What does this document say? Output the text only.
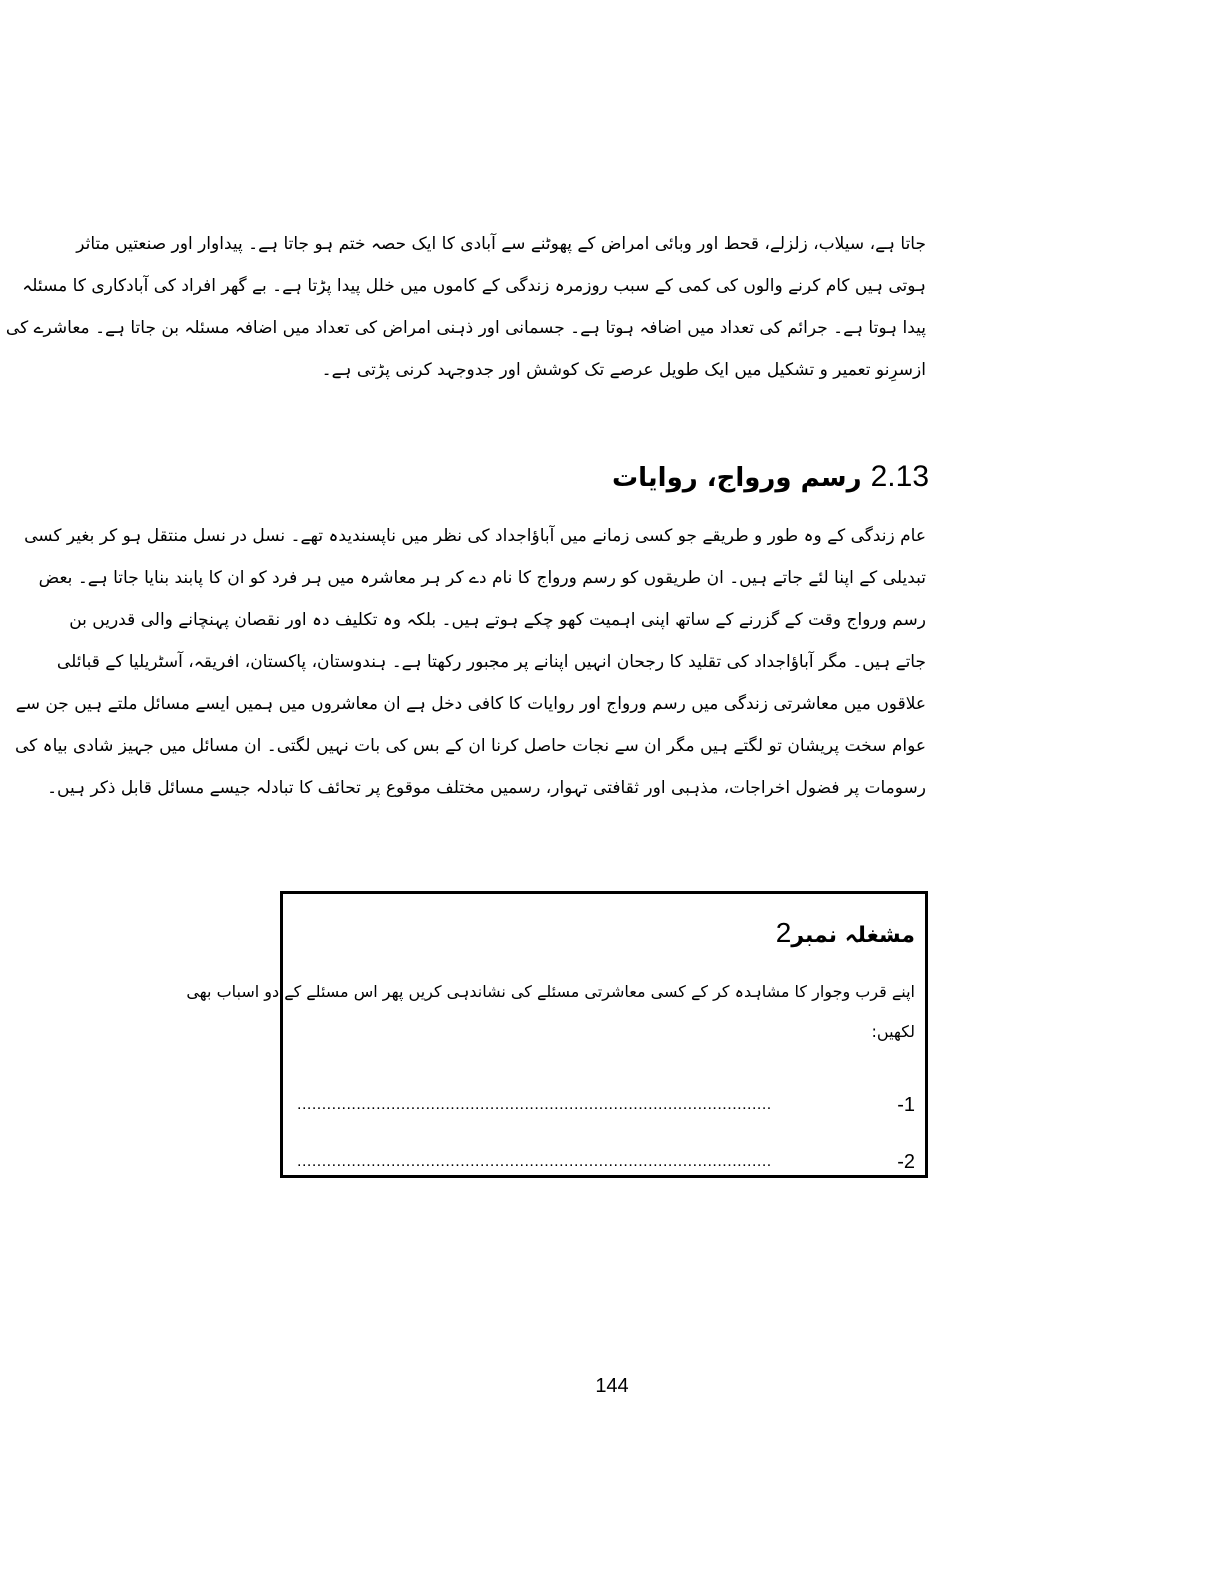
جاتا ہے، سیلاب، زلزلے، قحط اور وبائی امراض کے پھوٹنے سے آبادی کا ایک حصہ ختم ہو جاتا ہے۔ پیداوار اور صنعتیں متاثر
ہوتی ہیں کام کرنے والوں کی کمی کے سبب روزمرہ زندگی کے کاموں میں خلل پیدا پڑتا ہے۔ بے گھر افراد کی آبادکاری کا مسئلہ
پیدا ہوتا ہے۔ جرائم کی تعداد میں اضافہ ہوتا ہے۔ جسمانی اور ذہنی امراض کی تعداد میں اضافہ مسئلہ بن جاتا ہے۔ معاشرے کی
ازسرِنو تعمیر و تشکیل میں ایک طویل عرصے تک کوشش اور جدوجہد کرنی پڑتی ہے۔
2.13 رسم ورواج، روایات
عام زندگی کے وہ طور و طریقے جو کسی زمانے میں آباؤاجداد کی نظر میں ناپسندیدہ تھے۔ نسل در نسل منتقل ہو کر بغیر کسی
تبدیلی کے اپنا لئے جاتے ہیں۔ ان طریقوں کو رسم ورواج کا نام دے کر ہر معاشرہ میں ہر فرد کو ان کا پابند بنایا جاتا ہے۔ بعض
رسم ورواج وقت کے گزرنے کے ساتھ اپنی اہمیت کھو چکے ہوتے ہیں۔ بلکہ وہ تکلیف دہ اور نقصان پہنچانے والی قدریں بن
جاتے ہیں۔ مگر آباؤاجداد کی تقلید کا رجحان انہیں اپنانے پر مجبور رکھتا ہے۔ ہندوستان، پاکستان، افریقہ، آسٹریلیا کے قبائلی
علاقوں میں معاشرتی زندگی میں رسم ورواج اور روایات کا کافی دخل ہے ان معاشروں میں ہمیں ایسے مسائل ملتے ہیں جن سے
عوام سخت پریشان تو لگتے ہیں مگر ان سے نجات حاصل کرنا ان کے بس کی بات نہیں لگتی۔ ان مسائل میں جہیز شادی بیاہ کی
رسومات پر فضول اخراجات، مذہبی اور ثقافتی تہوار، رسمیں مختلف موقوع پر تحائف کا تبادلہ جیسے مسائل قابل ذکر ہیں۔
مشغلہ نمبر2
اپنے قرب وجوار کا مشاہدہ کر کے کسی معاشرتی مسئلے کی نشاندہی کریں پھر اس مسئلے کے دو اسباب بھی
لکھیں:
-1
................................................................................................
-2
................................................................................................
144
